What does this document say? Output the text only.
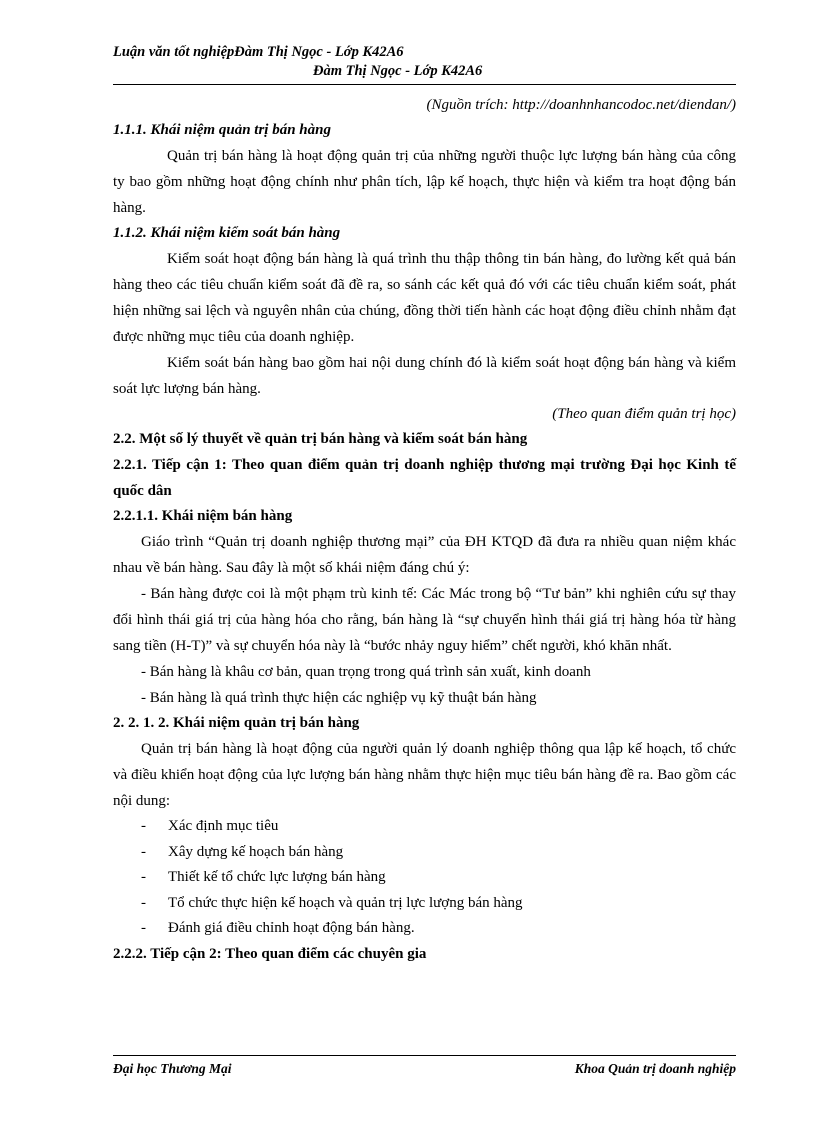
Luận văn tốt nghiệpĐàm Thị Ngọc - Lớp K42A6
Đàm Thị Ngọc - Lớp K42A6

(Nguồn trích: http://doanhnhancodoc.net/diendan/)

1.1.1. Khái niệm quản trị bán hàng

Quản trị bán hàng là hoạt động quản trị của những người thuộc lực lượng bán hàng của công ty bao gồm những hoạt động chính như phân tích, lập kế hoạch, thực hiện và kiểm tra hoạt động bán hàng.

1.1.2. Khái niệm kiểm soát bán hàng

Kiểm soát hoạt động bán hàng là quá trình thu thập thông tin bán hàng, đo lường kết quả bán hàng theo các tiêu chuẩn kiểm soát đã đề ra, so sánh các kết quả đó với các tiêu chuẩn kiểm soát, phát hiện những sai lệch và nguyên nhân của chúng, đồng thời tiến hành các hoạt động điều chỉnh nhằm đạt được những mục tiêu của doanh nghiệp.

Kiểm soát bán hàng bao gồm hai nội dung chính đó là kiểm soát hoạt động bán hàng và kiểm soát lực lượng bán hàng.

(Theo quan điểm quản trị học)

2.2. Một số lý thuyết về quản trị bán hàng và kiểm soát bán hàng

2.2.1. Tiếp cận 1: Theo quan điểm quản trị doanh nghiệp thương mại trường Đại học Kinh tế quốc dân

2.2.1.1. Khái niệm bán hàng

Giáo trình “Quản trị doanh nghiệp thương mại” của ĐH KTQD đã đưa ra nhiều quan niệm khác nhau về bán hàng. Sau đây là một số khái niệm đáng chú ý:

- Bán hàng được coi là một phạm trù kinh tế: Các Mác trong bộ “Tư bản” khi nghiên cứu sự thay đổi hình thái giá trị của hàng hóa cho rằng, bán hàng là “sự chuyển hình thái giá trị hàng hóa từ hàng sang tiền (H-T)” và sự chuyển hóa này là “bước nhảy nguy hiểm” chết người, khó khăn nhất.

- Bán hàng là khâu cơ bản, quan trọng trong quá trình sản xuất, kinh doanh

- Bán hàng là quá trình thực hiện các nghiệp vụ kỹ thuật bán hàng

2. 2. 1. 2. Khái niệm quản trị bán hàng

Quản trị bán hàng là hoạt động của người quản lý doanh nghiệp thông qua lập kế hoạch, tổ chức và điều khiển hoạt động của lực lượng bán hàng nhằm thực hiện mục tiêu bán hàng đề ra. Bao gồm các nội dung:

- Xác định mục tiêu
- Xây dựng kế hoạch bán hàng
- Thiết kế tổ chức lực lượng bán hàng
- Tổ chức thực hiện kế hoạch và quản trị lực lượng bán hàng
- Đánh giá điều chỉnh hoạt động bán hàng.

2.2.2. Tiếp cận 2: Theo quan điểm các chuyên gia

Đại học Thương Mại	Khoa Quản trị doanh nghiệp
